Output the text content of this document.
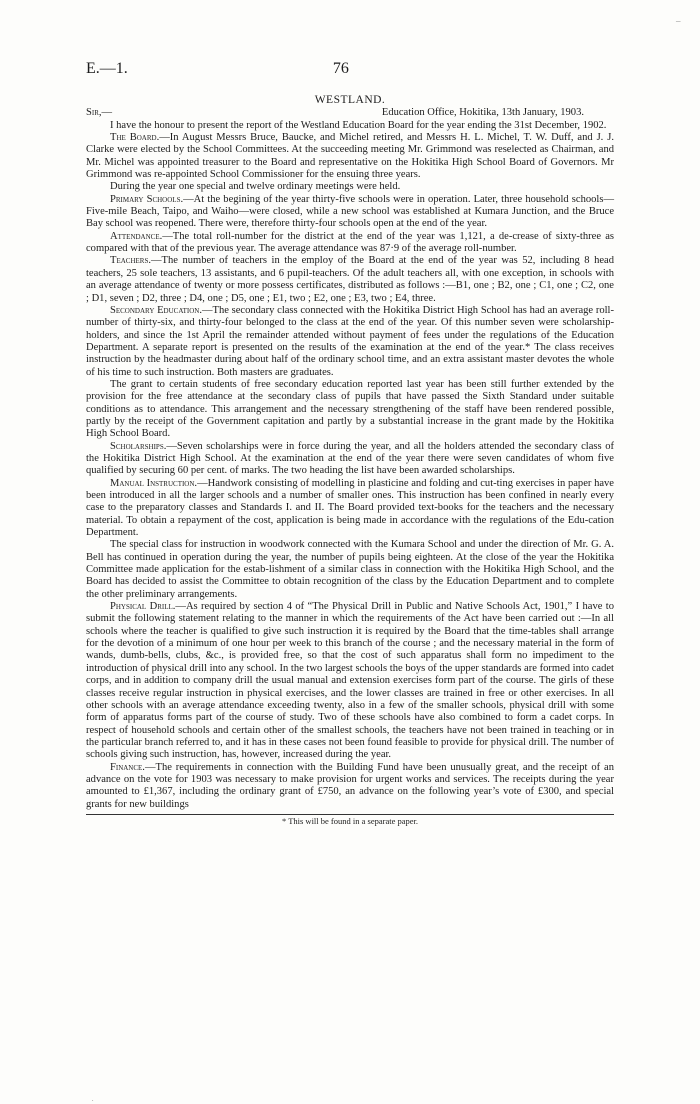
–
E.—1.	76
WESTLAND.
Sir,—	Education Office, Hokitika, 13th January, 1903.

I have the honour to present the report of the Westland Education Board for the year ending the 31st December, 1902.

The Board.—In August Messrs Bruce, Baucke, and Michel retired, and Messrs H. L. Michel, T. W. Duff, and J. J. Clarke were elected by the School Committees. At the succeeding meeting Mr. Grimmond was reselected as Chairman, and Mr. Michel was appointed treasurer to the Board and representative on the Hokitika High School Board of Governors. Mr Grimmond was re-appointed School Commissioner for the ensuing three years.

During the year one special and twelve ordinary meetings were held.

Primary Schools.—At the begining of the year thirty-five schools were in operation. Later, three household schools—Five-mile Beach, Taipo, and Waiho—were closed, while a new school was established at Kumara Junction, and the Bruce Bay school was reopened. There were, therefore thirty-four schools open at the end of the year.

Attendance.—The total roll-number for the district at the end of the year was 1,121, a de-crease of sixty-three as compared with that of the previous year. The average attendance was 87·9 of the average roll-number.

Teachers.—The number of teachers in the employ of the Board at the end of the year was 52, including 8 head teachers, 25 sole teachers, 13 assistants, and 6 pupil-teachers. Of the adult teachers all, with one exception, in schools with an average attendance of twenty or more possess certificates, distributed as follows :—B1, one ; B2, one ; C1, one ; C2, one ; D1, seven ; D2, three ; D4, one ; D5, one ; E1, two ; E2, one ; E3, two ; E4, three.

Secondary Education.—The secondary class connected with the Hokitika District High School has had an average roll-number of thirty-six, and thirty-four belonged to the class at the end of the year. Of this number seven were scholarship-holders, and since the 1st April the remainder attended without payment of fees under the regulations of the Education Department. A separate report is presented on the results of the examination at the end of the year.* The class receives instruction by the headmaster during about half of the ordinary school time, and an extra assistant master devotes the whole of his time to such instruction. Both masters are graduates.

The grant to certain students of free secondary education reported last year has been still further extended by the provision for the free attendance at the secondary class of pupils that have passed the Sixth Standard under suitable conditions as to attendance. This arrangement and the necessary strengthening of the staff have been rendered possible, partly by the receipt of the Government capitation and partly by a substantial increase in the grant made by the Hokitika High School Board.

Scholarships.—Seven scholarships were in force during the year, and all the holders attended the secondary class of the Hokitika District High School. At the examination at the end of the year there were seven candidates of whom five qualified by securing 60 per cent. of marks. The two heading the list have been awarded scholarships.

Manual Instruction.—Handwork consisting of modelling in plasticine and folding and cut-ting exercises in paper have been introduced in all the larger schools and a number of smaller ones. This instruction has been confined in nearly every case to the preparatory classes and Standards I. and II. The Board provided text-books for the teachers and the necessary material. To obtain a repayment of the cost, application is being made in accordance with the regulations of the Edu-cation Department.

The special class for instruction in woodwork connected with the Kumara School and under the direction of Mr. G. A. Bell has continued in operation during the year, the number of pupils being eighteen. At the close of the year the Hokitika Committee made application for the estab-lishment of a similar class in connection with the Hokitika High School, and the Board has decided to assist the Committee to obtain recognition of the class by the Education Department and to complete the other preliminary arrangements.

Physical Drill.—As required by section 4 of “The Physical Drill in Public and Native Schools Act, 1901,” I have to submit the following statement relating to the manner in which the requirements of the Act have been carried out :—In all schools where the teacher is qualified to give such instruction it is required by the Board that the time-tables shall arrange for the devotion of a minimum of one hour per week to this branch of the course ; and the necessary material in the form of wands, dumb-bells, clubs, &c., is provided free, so that the cost of such apparatus shall form no impediment to the introduction of physical drill into any school. In the two largest schools the boys of the upper standards are formed into cadet corps, and in addition to company drill the usual manual and extension exercises form part of the course. The girls of these classes receive regular instruction in physical exercises, and the lower classes are trained in free or other exercises. In all other schools with an average attendance exceeding twenty, also in a few of the smaller schools, physical drill with some form of apparatus forms part of the course of study. Two of these schools have also combined to form a cadet corps. In respect of household schools and certain other of the smallest schools, the teachers have not been trained in teaching or in the particular branch referred to, and it has in these cases not been found feasible to provide for physical drill. The number of schools giving such instruction, has, however, increased during the year.

Finance.—The requirements in connection with the Building Fund have been unusually great, and the receipt of an advance on the vote for 1903 was necessary to make provision for urgent works and services. The receipts during the year amounted to £1,367, including the ordinary grant of £750, an advance on the following year’s vote of £300, and special grants for new buildings

* This will be found in a separate paper.
.
